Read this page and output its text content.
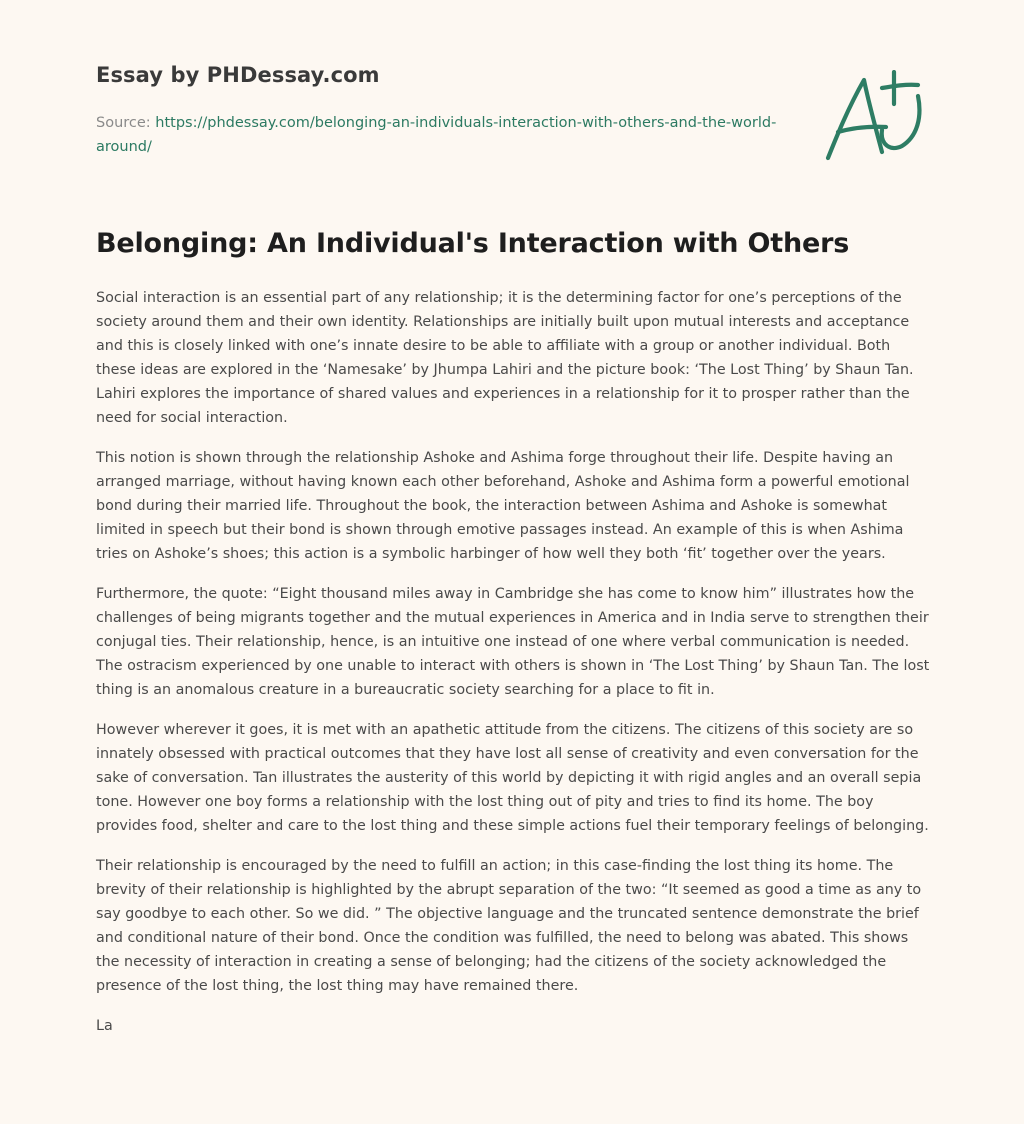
Essay by PHDessay.com
Source: https://phdessay.com/belonging-an-individuals-interaction-with-others-and-the-world-around/
Belonging: An Individual's Interaction with Others

Social interaction is an essential part of any relationship; it is the determining factor for one’s perceptions of the society around them and their own identity. Relationships are initially built upon mutual interests and acceptance and this is closely linked with one’s innate desire to be able to affiliate with a group or another individual. Both these ideas are explored in the ‘Namesake’ by Jhumpa Lahiri and the picture book: ‘The Lost Thing’ by Shaun Tan. Lahiri explores the importance of shared values and experiences in a relationship for it to prosper rather than the need for social interaction.

This notion is shown through the relationship Ashoke and Ashima forge throughout their life. Despite having an arranged marriage, without having known each other beforehand, Ashoke and Ashima form a powerful emotional bond during their married life. Throughout the book, the interaction between Ashima and Ashoke is somewhat limited in speech but their bond is shown through emotive passages instead. An example of this is when Ashima tries on Ashoke’s shoes; this action is a symbolic harbinger of how well they both ‘fit’ together over the years.

Furthermore, the quote: “Eight thousand miles away in Cambridge she has come to know him” illustrates how the challenges of being migrants together and the mutual experiences in America and in India serve to strengthen their conjugal ties. Their relationship, hence, is an intuitive one instead of one where verbal communication is needed. The ostracism experienced by one unable to interact with others is shown in ‘The Lost Thing’ by Shaun Tan. The lost thing is an anomalous creature in a bureaucratic society searching for a place to fit in.

However wherever it goes, it is met with an apathetic attitude from the citizens. The citizens of this society are so innately obsessed with practical outcomes that they have lost all sense of creativity and even conversation for the sake of conversation. Tan illustrates the austerity of this world by depicting it with rigid angles and an overall sepia tone. However one boy forms a relationship with the lost thing out of pity and tries to find its home. The boy provides food, shelter and care to the lost thing and these simple actions fuel their temporary feelings of belonging.

Their relationship is encouraged by the need to fulfill an action; in this case-finding the lost thing its home. The brevity of their relationship is highlighted by the abrupt separation of the two: “It seemed as good a time as any to say goodbye to each other. So we did. ” The objective language and the truncated sentence demonstrate the brief and conditional nature of their bond. Once the condition was fulfilled, the need to belong was abated. This shows the necessity of interaction in creating a sense of belonging; had the citizens of the society acknowledged the presence of the lost thing, the lost thing may have remained there.

La
